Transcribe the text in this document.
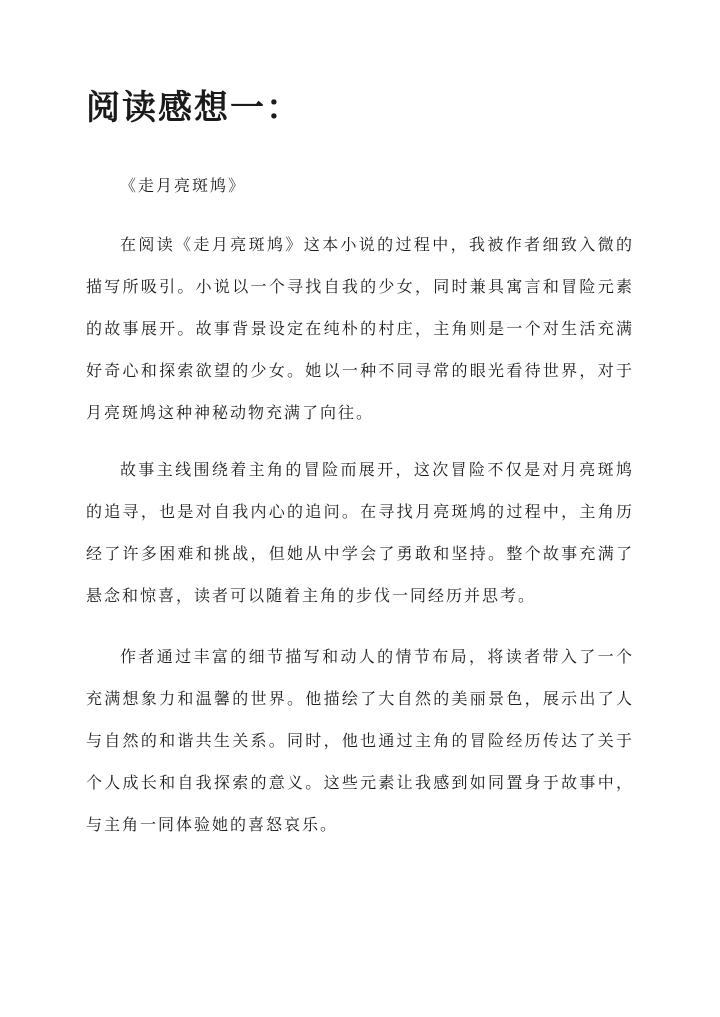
阅读感想一：

《走月亮斑鸠》

在阅读《走月亮斑鸠》这本小说的过程中，我被作者细致入微的描写所吸引。小说以一个寻找自我的少女，同时兼具寓言和冒险元素的故事展开。故事背景设定在纯朴的村庄，主角则是一个对生活充满好奇心和探索欲望的少女。她以一种不同寻常的眼光看待世界，对于月亮斑鸠这种神秘动物充满了向往。

故事主线围绕着主角的冒险而展开，这次冒险不仅是对月亮斑鸠的追寻，也是对自我内心的追问。在寻找月亮斑鸠的过程中，主角历经了许多困难和挑战，但她从中学会了勇敢和坚持。整个故事充满了悬念和惊喜，读者可以随着主角的步伐一同经历并思考。

作者通过丰富的细节描写和动人的情节布局，将读者带入了一个充满想象力和温馨的世界。他描绘了大自然的美丽景色，展示出了人与自然的和谐共生关系。同时，他也通过主角的冒险经历传达了关于个人成长和自我探索的意义。这些元素让我感到如同置身于故事中，与主角一同体验她的喜怒哀乐。
